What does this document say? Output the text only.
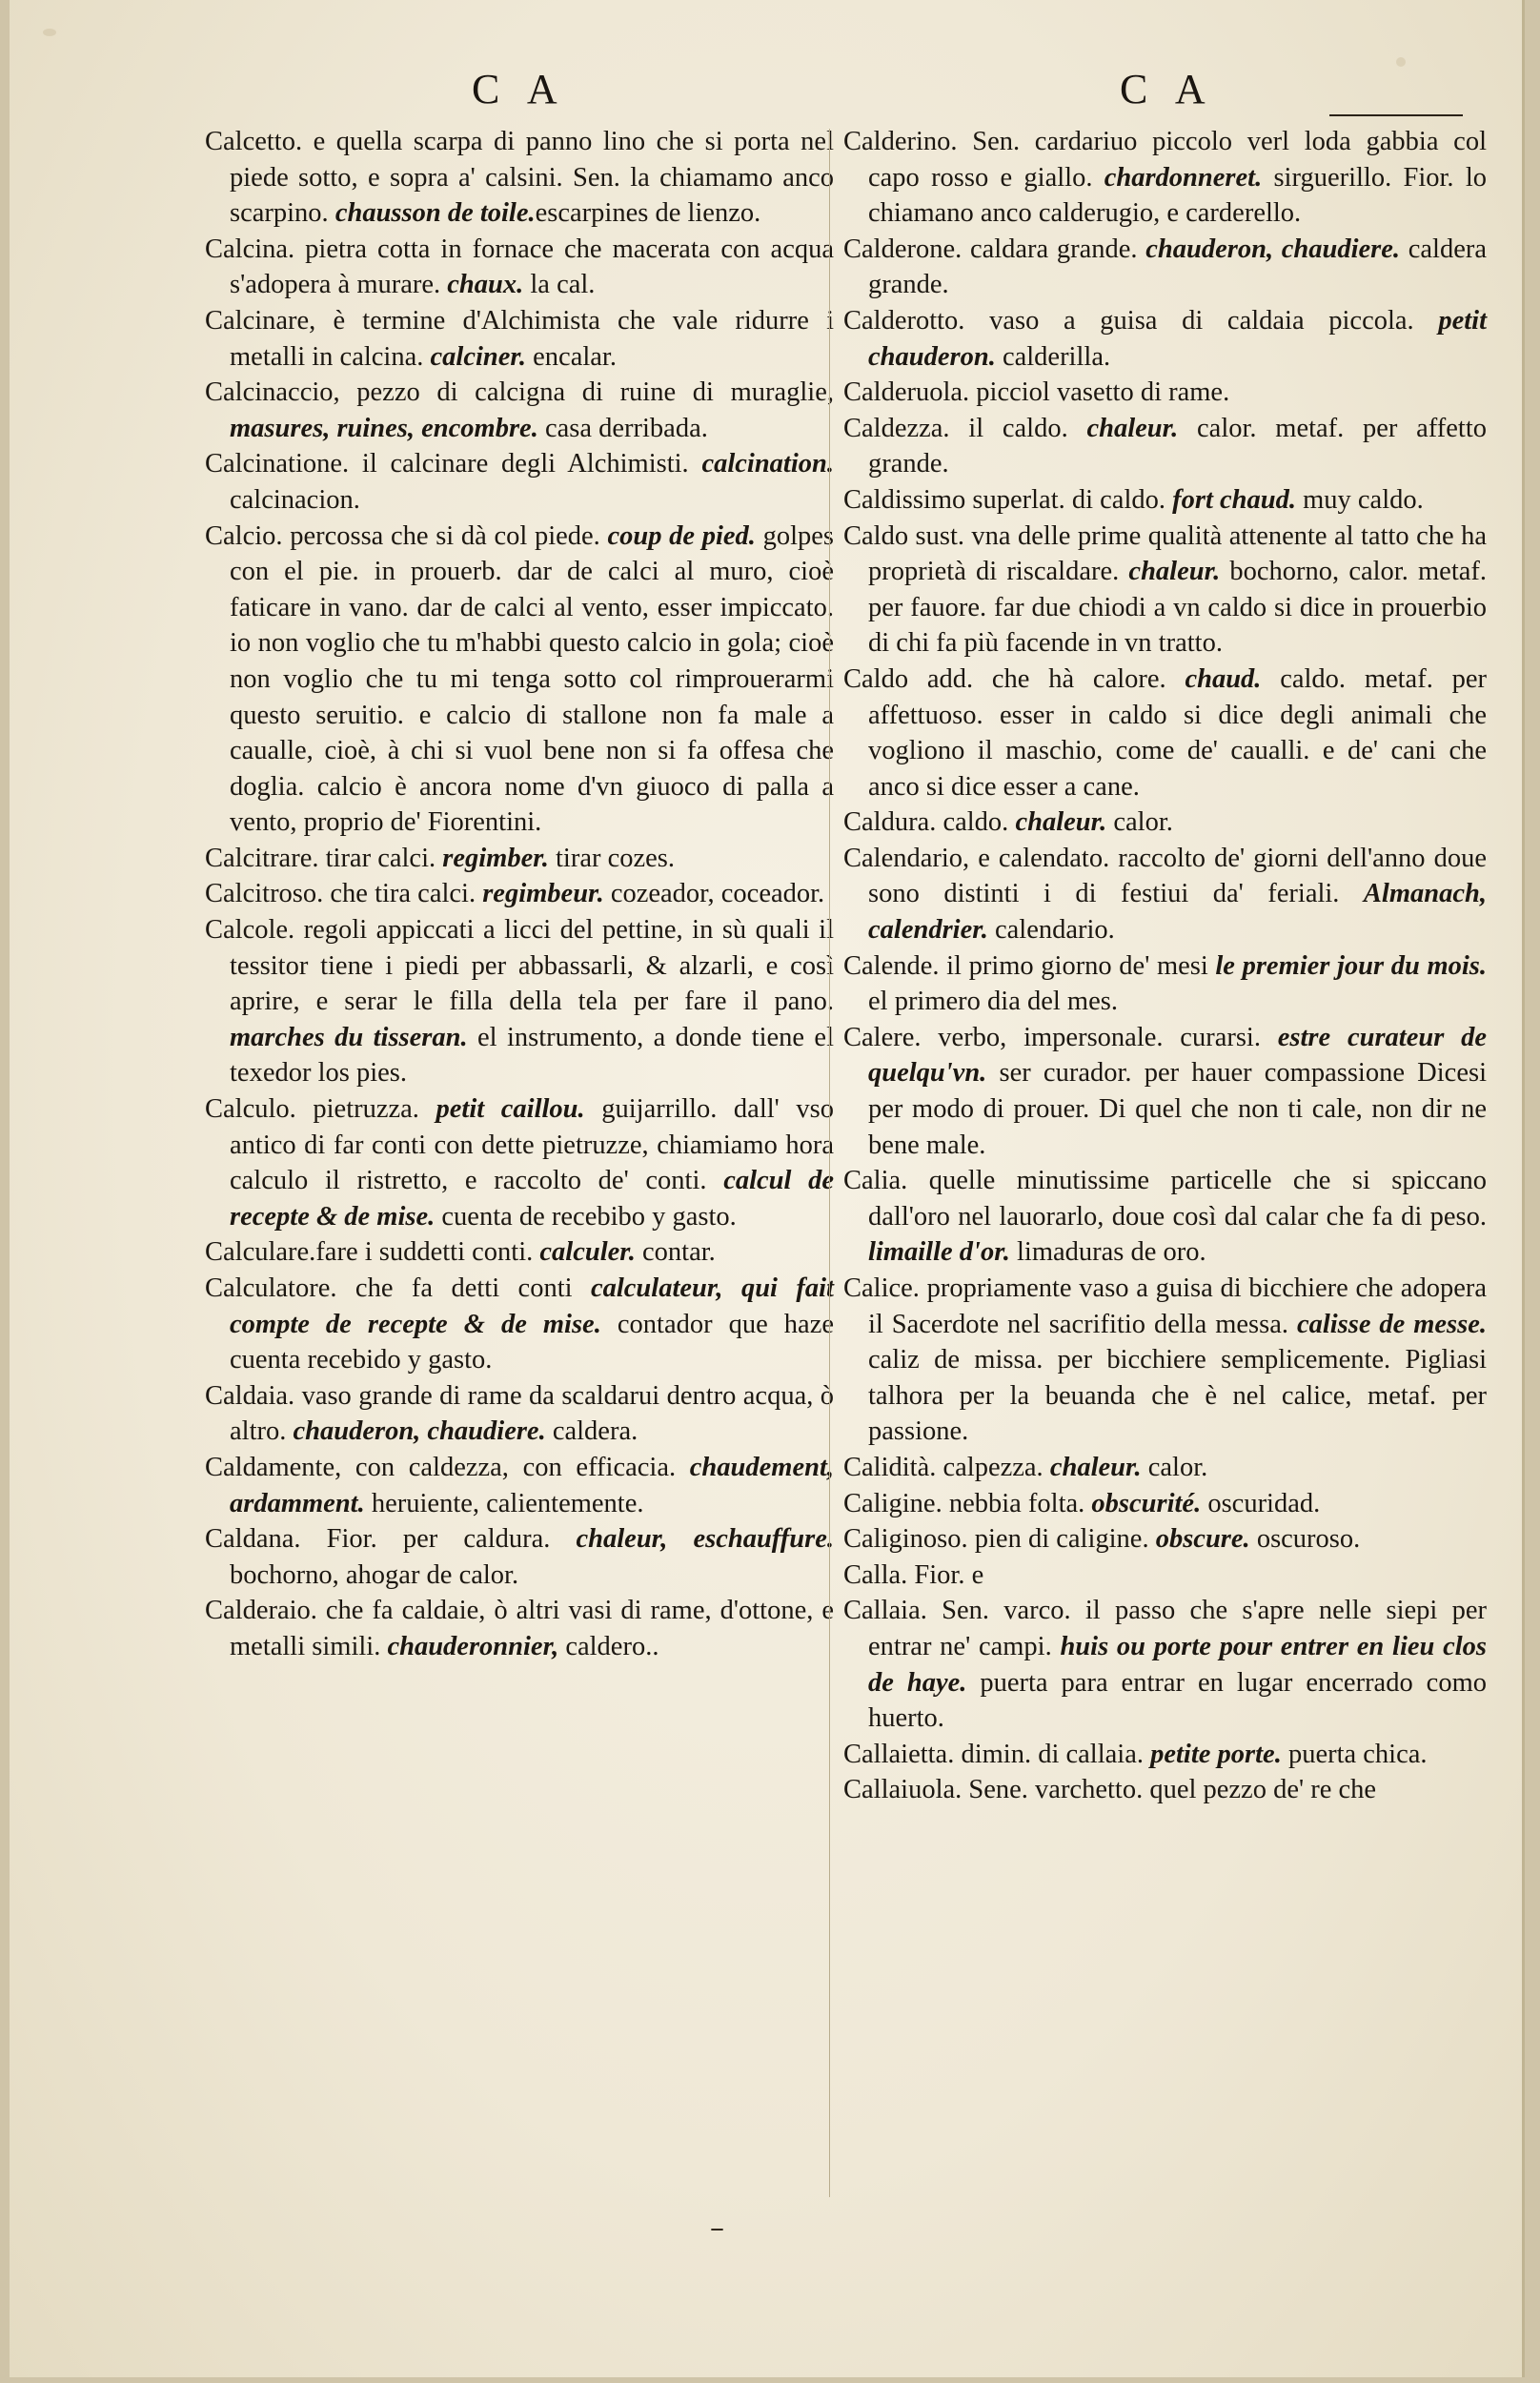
C A	C A

Calcetto. e quella scarpa di panno lino che si porta nel piede sotto, e sopra a' calsini. Sen. la chiamamo anco scarpino. chausson de toile.escarpines de lienzo.

Calcina. pietra cotta in fornace che macerata con acqua s'adopera à murare. chaux. la cal.

Calcinare, è termine d'Alchimista che vale ridurre i metalli in calcina. calciner. encalar.

Calcinaccio, pezzo di calcigna di ruine di muraglie, masures, ruines, encombre. casa derribada.

Calcinatione. il calcinare degli Alchimisti. calcination. calcinacion.

Calcio. percossa che si dà col piede. coup de pied. golpes con el pie. in prouerb. dar de calci al muro, cioè faticare in vano. dar de calci al vento, esser impiccato. io non voglio che tu m'habbi questo calcio in gola; cioè non voglio che tu mi tenga sotto col rimprouerarmi questo seruitio. e calcio di stallone non fa male a caualle, cioè, à chi si vuol bene non si fa offesa che doglia. calcio è ancora nome d'vn giuoco di palla a vento, proprio de' Fiorentini.

Calcitrare. tirar calci. regimber. tirar cozes.

Calcitroso. che tira calci. regimbeur. cozeador, coceador.

Calcole. regoli appiccati a licci del pettine, in sù quali il tessitor tiene i piedi per abbassarli, & alzarli, e così aprire, e serar le filla della tela per fare il pano. marches du tisseran. el instrumento, a donde tiene el texedor los pies.

Calculo. pietruzza. petit caillou. guijarrillo. dall' vso antico di far conti con dette pietruzze, chiamiamo hora calculo il ristretto, e raccolto de' conti. calcul de recepte & de mise. cuenta de recebibo y gasto.

Calculare.fare i suddetti conti. calculer. contar.

Calculatore. che fa detti conti calculateur, qui fait compte de recepte & de mise. contador que haze cuenta recebido y gasto.

Caldaia. vaso grande di rame da scaldarui dentro acqua, ò altro. chauderon, chaudiere. caldera.

Caldamente, con caldezza, con efficacia. chaudement, ardamment. heruiente, calientemente.

Caldana. Fior. per caldura. chaleur, eschauffure. bochorno, ahogar de calor.

Calderaio. che fa caldaie, ò altri vasi di rame, d'ottone, e metalli simili. chauderonnier, caldero..

Calderino. Sen. cardariuo piccolo verl loda gabbia col capo rosso e giallo. chardonneret. sirguerillo. Fior. lo chiamano anco calderugio, e carderello.

Calderone. caldara grande. chauderon, chaudiere. caldera grande.

Calderotto. vaso a guisa di caldaia piccola. petit chauderon. calderilla.

Calderuola. picciol vasetto di rame.

Caldezza. il caldo. chaleur. calor. metaf. per affetto grande.

Caldissimo superlat. di caldo. fort chaud. muy caldo.

Caldo sust. vna delle prime qualità attenente al tatto che ha proprietà di riscaldare. chaleur. bochorno, calor. metaf. per fauore. far due chiodi a vn caldo si dice in prouerbio di chi fa più facende in vn tratto.

Caldo add. che hà calore. chaud. caldo. metaf. per affettuoso. esser in caldo si dice degli animali che vogliono il maschio, come de' caualli. e de' cani che anco si dice esser a cane.

Caldura. caldo. chaleur. calor.

Calendario, e calendato. raccolto de' giorni dell'anno doue sono distinti i di festiui da' feriali. Almanach, calendrier. calendario.

Calende. il primo giorno de' mesi le premier jour du mois. el primero dia del mes.

Calere. verbo, impersonale. curarsi. estre curateur de quelqu'vn. ser curador. per hauer compassione Dicesi per modo di prouer. Di quel che non ti cale, non dir ne bene male.

Calia. quelle minutissime particelle che si spiccano dall'oro nel lauorarlo, doue così dal calar che fa di peso. limaille d'or. limaduras de oro.

Calice. propriamente vaso a guisa di bicchiere che adopera il Sacerdote nel sacrifitio della messa. calisse de messe. caliz de missa. per bicchiere semplicemente. Pigliasi talhora per la beuanda che è nel calice, metaf. per passione.

Calidità. calpezza. chaleur. calor.

Caligine. nebbia folta. obscurité. oscuridad.

Caliginoso. pien di caligine. obscure. oscuroso.

Calla. Fior. e

Callaia. Sen. varco. il passo che s'apre nelle siepi per entrar ne' campi. huis ou porte pour entrer en lieu clos de haye. puerta para entrar en lugar encerrado como huerto.

Callaietta. dimin. di callaia. petite porte. puerta chica.

Callaiuola. Sene. varchetto. quel pezzo de' re che

–
